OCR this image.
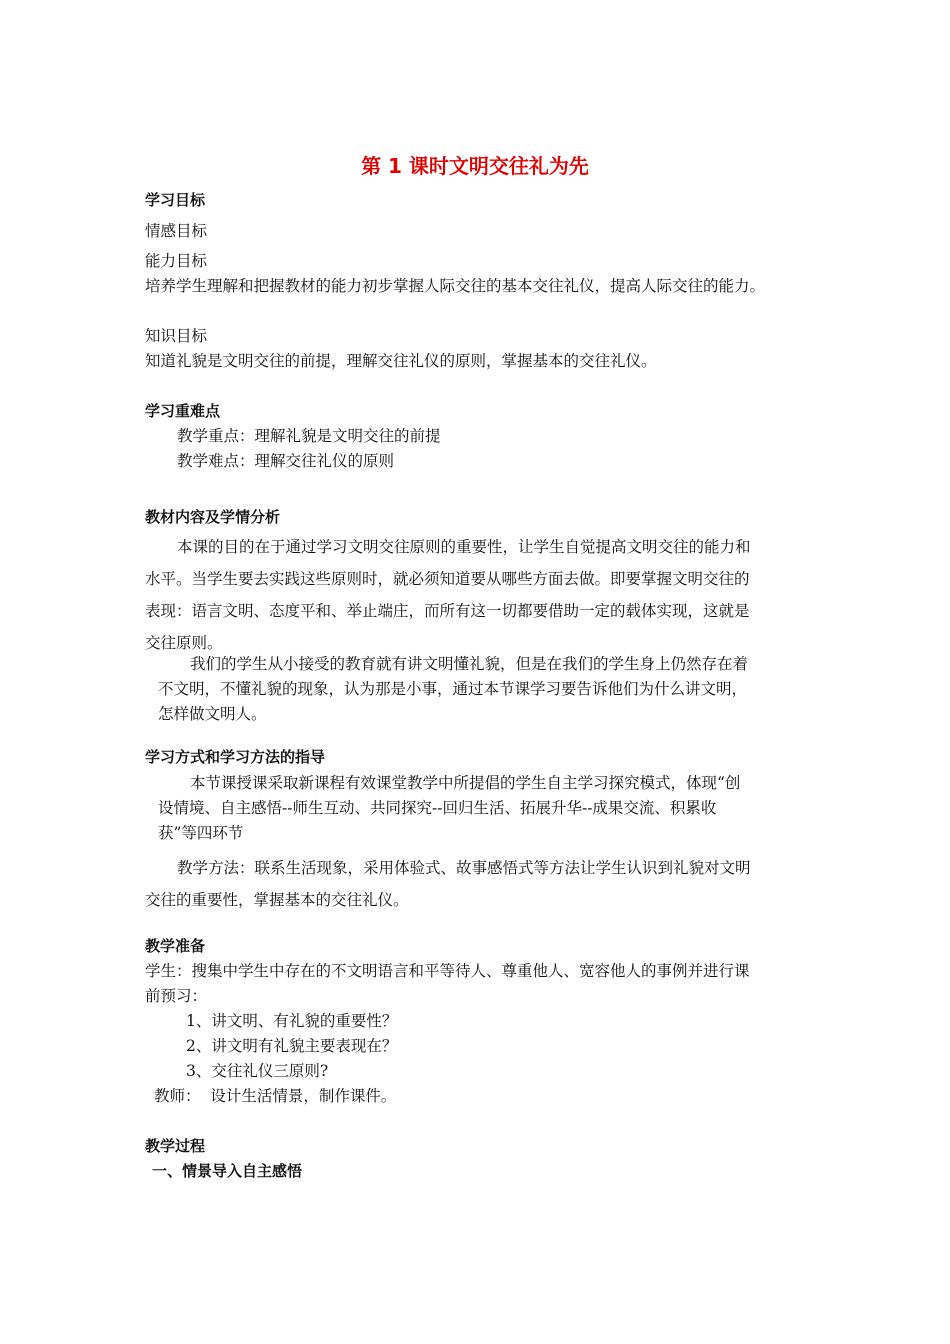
第 1 课时文明交往礼为先
学习目标
情感目标
能力目标
培养学生理解和把握教材的能力初步掌握人际交往的基本交往礼仪，提高人际交往的能力。
知识目标
知道礼貌是文明交往的前提，理解交往礼仪的原则，掌握基本的交往礼仪。
学习重难点
教学重点：理解礼貌是文明交往的前提
教学难点：理解交往礼仪的原则
教材内容及学情分析
本课的目的在于通过学习文明交往原则的重要性，让学生自觉提高文明交往的能力和
水平。当学生要去实践这些原则时，就必须知道要从哪些方面去做。即要掌握文明交往的
表现：语言文明、态度平和、举止端庄，而所有这一切都要借助一定的载体实现，这就是
交往原则。
我们的学生从小接受的教育就有讲文明懂礼貌，但是在我们的学生身上仍然存在着
不文明，不懂礼貌的现象，认为那是小事，通过本节课学习要告诉他们为什么讲文明，
怎样做文明人。
学习方式和学习方法的指导
本节课授课采取新课程有效课堂教学中所提倡的学生自主学习探究模式，体现“创
设情境、自主感悟--师生互动、共同探究--回归生活、拓展升华--成果交流、积累收
获”等四环节
教学方法：联系生活现象，采用体验式、故事感悟式等方法让学生认识到礼貌对文明
交往的重要性，掌握基本的交往礼仪。
教学准备
学生：搜集中学生中存在的不文明语言和平等待人、尊重他人、宽容他人的事例并进行课
前预习：
1、讲文明、有礼貌的重要性？
2、讲文明有礼貌主要表现在？
3、交往礼仪三原则?
教师：  设计生活情景，制作课件。
教学过程
一、情景导入自主感悟
